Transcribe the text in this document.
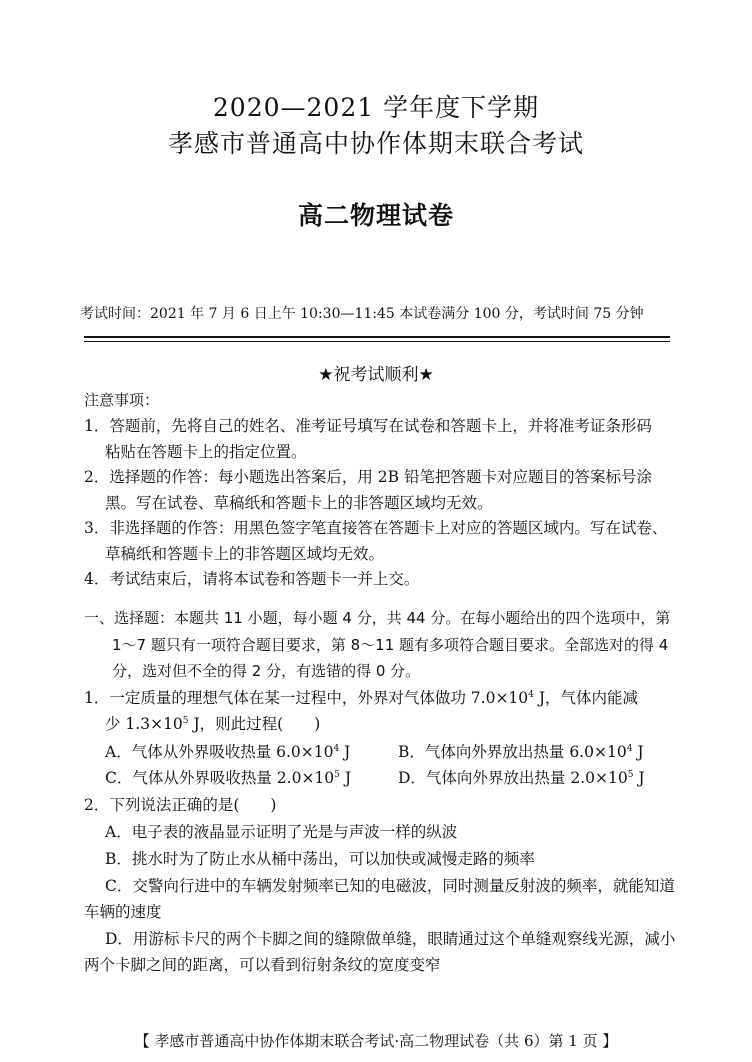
2020—2021 学年度下学期
孝感市普通高中协作体期末联合考试
高二物理试卷
考试时间：2021 年 7 月 6 日上午 10:30—11:45 本试卷满分 100 分，考试时间 75 分钟
★祝考试顺利★
注意事项：
1．答题前，先将自己的姓名、准考证号填写在试卷和答题卡上，并将准考证条形码
粘贴在答题卡上的指定位置。
2．选择题的作答：每小题选出答案后，用 2B 铅笔把答题卡对应题目的答案标号涂
黑。写在试卷、草稿纸和答题卡上的非答题区域均无效。
3．非选择题的作答：用黑色签字笔直接答在答题卡上对应的答题区域内。写在试卷、
草稿纸和答题卡上的非答题区域均无效。
4．考试结束后，请将本试卷和答题卡一并上交。
一、选择题：本题共 11 小题，每小题 4 分，共 44 分。在每小题给出的四个选项中，第
1～7 题只有一项符合题目要求，第 8～11 题有多项符合题目要求。全部选对的得 4
分，选对但不全的得 2 分，有选错的得 0 分。
1．一定质量的理想气体在某一过程中，外界对气体做功 $7.0\times 10^4$ J，气体内能减
少 $1.3\times 10^5$ J，则此过程(　　)
A．气体从外界吸收热量 $6.0\times 10^4$ J	B．气体向外界放出热量 $6.0\times 10^4$ J
C．气体从外界吸收热量 $2.0\times 10^5$ J	D．气体向外界放出热量 $2.0\times 10^5$ J
2．下列说法正确的是(　　)
A．电子表的液晶显示证明了光是与声波一样的纵波
B．挑水时为了防止水从桶中荡出，可以加快或减慢走路的频率
C．交警向行进中的车辆发射频率已知的电磁波，同时测量反射波的频率，就能知道
车辆的速度
D．用游标卡尺的两个卡脚之间的缝隙做单缝，眼睛通过这个单缝观察线光源，减小
两个卡脚之间的距离，可以看到衍射条纹的宽度变窄
【 孝感市普通高中协作体期末联合考试·高二物理试卷（共 6）第 1 页 】
